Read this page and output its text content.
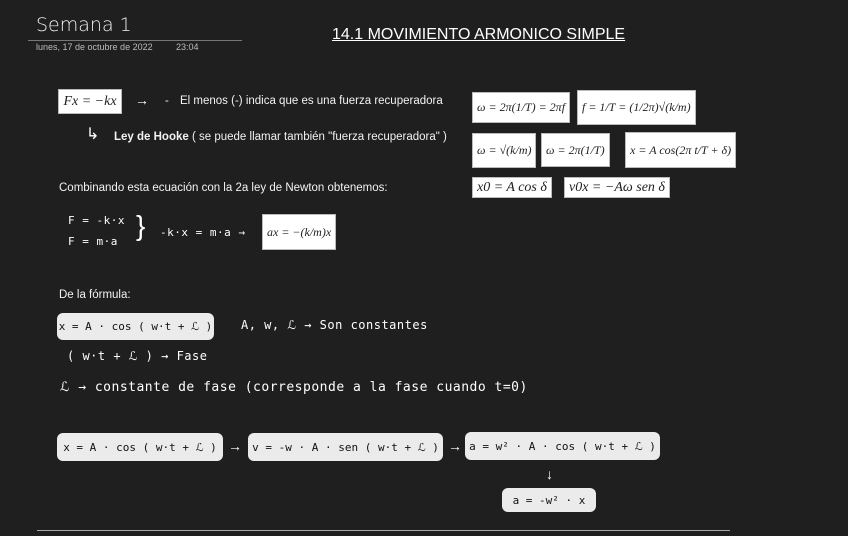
Semana 1
lunes, 17 de octubre de 2022	23:04
14.1 MOVIMIENTO ARMONICO SIMPLE
Fx = −kx	→ - El menos (-) indica que es una fuerza recuperadora
↳ Ley de Hooke ( se puede llamar también "fuerza recuperadora" )
ω = 2π(1/T) = 2πf	f = 1/T = (1/2π)√(k/m)
ω = √(k/m)	ω = 2π(1/T)	x = A cos(2π t/T + δ)
x0 = A cos δ	v0x = −Aω sen δ
Combinando esta ecuación con la 2a ley de Newton obtenemos:
F = -k·x
F = m·a
} -k·x = m·a →	ax = −(k/m)x
De la fórmula:
x = A · cos ( w·t + ℒ ) A, w, ℒ → Son constantes
( w·t + ℒ ) → Fase
ℒ → constante de fase (corresponde a la fase cuando t=0)
x = A · cos ( w·t + ℒ ) → v = -w · A · sen ( w·t + ℒ ) → a = w² · A · cos ( w·t + ℒ )
↓
a = -w² · x
